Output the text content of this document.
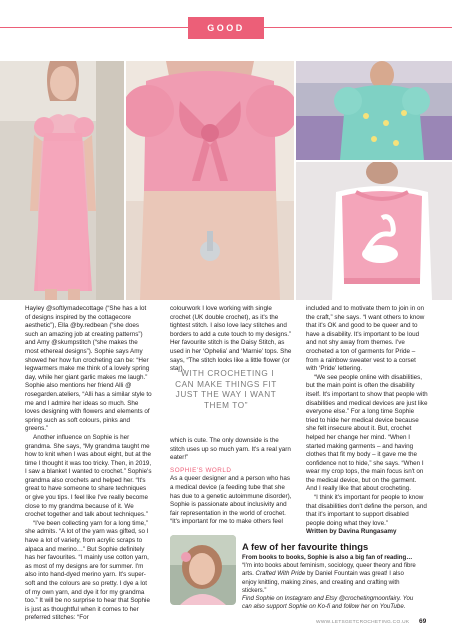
GOOD READ

Hayley @softlymadecottage (“She has a lot of designs inspired by the cottagecore aesthetic”), Ella @by.redbean (“she does such an amazing job at creating patterns”) and Amy @skumpstitch (“she makes the most ethereal designs”). Sophie says Amy showed her how fun crocheting can be: “Her legwarmers make me think of a lovely spring day, while her giant garlic makes me laugh.” Sophie also mentions her friend Alli @ rosegarden.ateliers, “Alli has a similar style to me and I admire her ideas so much. She loves designing with flowers and elements of spring such as soft colours, pinks and greens.”

Another influence on Sophie is her grandma. She says, “My grandma taught me how to knit when I was about eight, but at the time I thought it was too tricky. Then, in 2019, I saw a blanket I wanted to crochet.” Sophie's grandma also crochets and helped her. “It's great to have someone to share techniques or give you tips. I feel like I've really become close to my grandma because of it. We crochet together and talk about techniques.”

“I've been collecting yarn for a long time,” she admits. “A lot of the yarn was gifted, so I have a lot of variety, from acrylic scraps to alpaca and merino…” But Sophie definitely has her favourites. “I mainly use cotton yarn, as most of my designs are for summer. I'm also into hand-dyed merino yarn. It's super-soft and the colours are so pretty. I dye a lot of my own yarn, and dye it for my grandma too.” It will be no surprise to hear that Sophie is just as thoughtful when it comes to her preferred stitches: “For

colourwork I love working with single crochet (UK double crochet), as it's the tightest stitch. I also love lacy stitches and borders to add a cute touch to my designs.” Her favourite stitch is the Daisy Stitch, as used in her ‘Ophelia’ and ‘Marnie’ tops. She says, “The stitch looks like a little flower (or star),

“WITH CROCHETING I CAN MAKE THINGS FIT JUST THE WAY I WANT THEM TO”

which is cute. The only downside is the stitch uses up so much yarn. It's a real yarn eater!”

SOPHIE'S WORLD

As a queer designer and a person who has a medical device (a feeding tube that she has due to a genetic autoimmune disorder), Sophie is passionate about inclusivity and fair representation in the world of crochet. “It's important for me to make others feel

included and to motivate them to join in on the craft,” she says. “I want others to know that it's OK and good to be queer and to have a disability. It's important to be loud and not shy away from themes. I've crocheted a ton of garments for Pride – from a rainbow sweater vest to a corset with ‘Pride’ lettering.

“We see people online with disabilities, but the main point is often the disability itself. It's important to show that people with disabilities and medical devices are just like everyone else.” For a long time Sophie tried to hide her medical device because she felt insecure about it. But, crochet helped her change her mind. “When I started making garments – and having clothes that fit my body – it gave me the confidence not to hide,” she says. “When I wear my crop tops, the main focus isn't on the medical device, but on the garment. And I really like that about crocheting.

“I think it's important for people to know that disabilities don't define the person, and that it's important to support disabled people doing what they love.”

Written by Davina Rungasamy
A few of her favourite things
From books to books, Sophie is also a big fan of reading…
“I'm into books about feminism, sociology, queer theory and fibre arts. Crafted With Pride by Daniel Fountain was great! I also enjoy knitting, making zines, and creating and crafting with stickers.”
Find Sophie on Instagram and Etsy @crochetingmoonfairy. You can also support Sophie on Ko-fi and follow her on YouTube.
WWW.LETSGETCROCHETING.CO.UK 69
